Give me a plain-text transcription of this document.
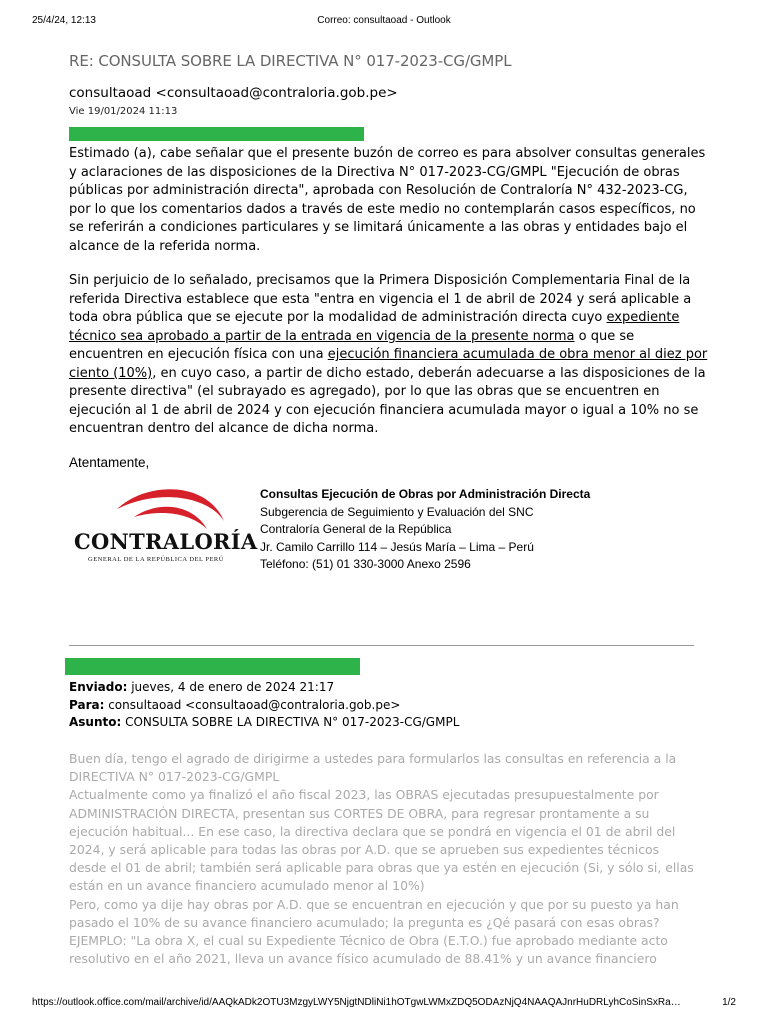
25/4/24, 12:13	Correo: consultaoad - Outlook
RE: CONSULTA SOBRE LA DIRECTIVA N° 017-2023-CG/GMPL
consultaoad <consultaoad@contraloria.gob.pe>
Vie 19/01/2024 11:13
Estimado (a), cabe señalar que el presente buzón de correo es para absolver consultas generales y aclaraciones de las disposiciones de la Directiva N° 017-2023-CG/GMPL "Ejecución de obras públicas por administración directa", aprobada con Resolución de Contraloría N° 432-2023-CG, por lo que los comentarios dados a través de este medio no contemplarán casos específicos, no se referirán a condiciones particulares y se limitará únicamente a las obras y entidades bajo el alcance de la referida norma.
Sin perjuicio de lo señalado, precisamos que la Primera Disposición Complementaria Final de la referida Directiva establece que esta "entra en vigencia el 1 de abril de 2024 y será aplicable a toda obra pública que se ejecute por la modalidad de administración directa cuyo expediente técnico sea aprobado a partir de la entrada en vigencia de la presente norma o que se encuentren en ejecución física con una ejecución financiera acumulada de obra menor al diez por ciento (10%), en cuyo caso, a partir de dicho estado, deberán adecuarse a las disposiciones de la presente directiva" (el subrayado es agregado), por lo que las obras que se encuentren en ejecución al 1 de abril de 2024 y con ejecución financiera acumulada mayor o igual a 10% no se encuentran dentro del alcance de dicha norma.
Atentamente,
CONTRALORÍA
GENERAL DE LA REPÚBLICA DEL PERÚ
Consultas Ejecución de Obras por Administración Directa
Subgerencia de Seguimiento y Evaluación del SNC
Contraloría General de la República
Jr. Camilo Carrillo 114 – Jesús María – Lima – Perú
Teléfono: (51) 01 330-3000 Anexo 2596
Enviado: jueves, 4 de enero de 2024 21:17
Para: consultaoad <consultaoad@contraloria.gob.pe>
Asunto: CONSULTA SOBRE LA DIRECTIVA N° 017-2023-CG/GMPL
Buen día, tengo el agrado de dirigirme a ustedes para formularlos las consultas en referencia a la DIRECTIVA N° 017-2023-CG/GMPL
Actualmente como ya finalizó el año fiscal 2023, las OBRAS ejecutadas presupuestalmente por ADMINISTRACIÓN DIRECTA, presentan sus CORTES DE OBRA, para regresar prontamente a su ejecución habitual... En ese caso, la directiva declara que se pondrá en vigencia el 01 de abril del 2024, y será aplicable para todas las obras por A.D. que se aprueben sus expedientes técnicos desde el 01 de abril; también será aplicable para obras que ya estén en ejecución (Si, y sólo si, ellas están en un avance financiero acumulado menor al 10%)
Pero, como ya dije hay obras por A.D. que se encuentran en ejecución y que por su puesto ya han pasado el 10% de su avance financiero acumulado; la pregunta es ¿Qé pasará con esas obras?
EJEMPLO: "La obra X, el cual su Expediente Técnico de Obra (E.T.O.) fue aprobado mediante acto resolutivo en el año 2021, lleva un avance físico acumulado de 88.41% y un avance financiero
https://outlook.office.com/mail/archive/id/AAQkADk2OTU3MzgyLWY5NjgtNDliNi1hOTgwLWMxZDQ5ODAzNjQ4NAAQAJnrHuDRLyhCoSinSxRa…	1/2
